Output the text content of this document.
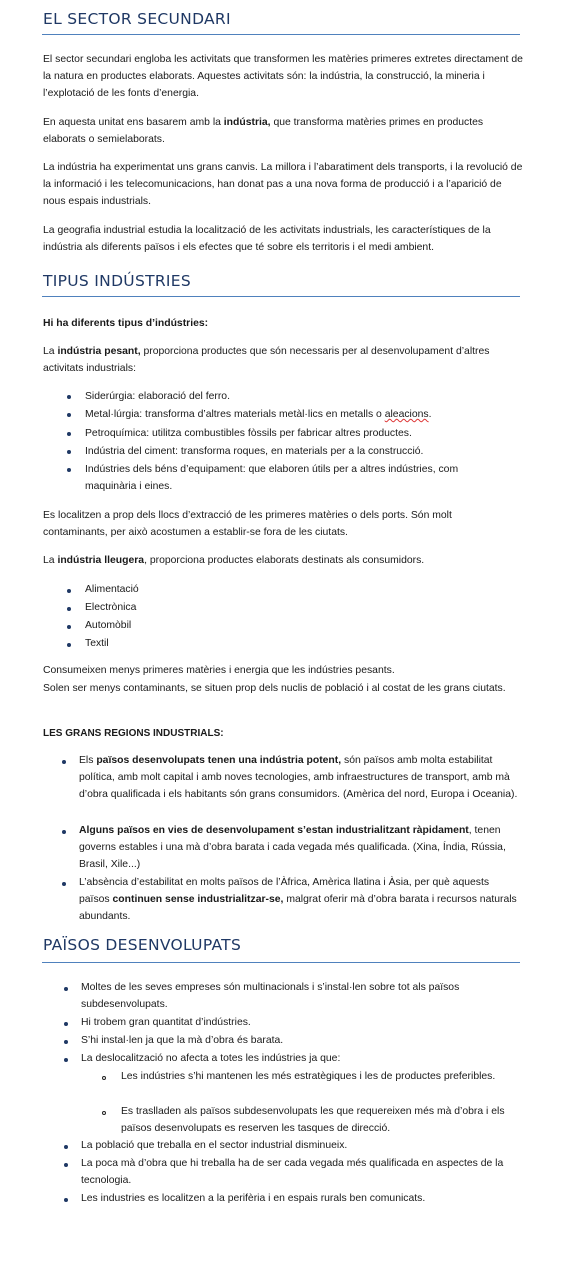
EL SECTOR SECUNDARI

El sector secundari engloba les activitats que transformen les matèries primeres extretes directament de la natura en productes elaborats. Aquestes activitats són: la indústria, la construcció, la mineria i l’explotació de les fonts d’energia.

En aquesta unitat ens basarem amb la indústria, que transforma matèries primes en productes elaborats o semielaborats.

La indústria ha experimentat uns grans canvis. La millora i l’abaratiment dels transports, i la revolució de la informació i les telecomunicacions, han donat pas a una nova forma de producció i a l’aparició de nous espais industrials.

La geografia industrial estudia la localització de les activitats industrials, les característiques de la indústria als diferents països i els efectes que té sobre els territoris i el medi ambient.

TIPUS INDÚSTRIES

Hi ha diferents tipus d’indústries:

La indústria pesant, proporciona productes que són necessaris per al desenvolupament d’altres activitats industrials:

Siderúrgia: elaboració del ferro.

Metal·lúrgia: transforma d’altres materials metàl·lics en metalls o aleacions.

Petroquímica: utilitza combustibles fòssils per fabricar altres productes.

Indústria del ciment: transforma roques, en materials per a la construcció.

Indústries dels béns d’equipament: que elaboren útils per a altres indústries, com maquinària i eines.

Es localitzen a prop dels llocs d’extracció de les primeres matèries o dels ports. Són molt contaminants, per això acostumen a establir-se fora de les ciutats.

La indústria lleugera, proporciona productes elaborats destinats als consumidors.

Alimentació

Electrònica

Automòbil

Textil

Consumeixen menys primeres matèries i energia que les indústries pesants.

Solen ser menys contaminants, se situen prop dels nuclis de població i al costat de les grans ciutats.

LES GRANS REGIONS INDUSTRIALS:

Els països desenvolupats tenen una indústria potent, són països amb molta estabilitat política, amb molt capital i amb noves tecnologies, amb infraestructures de transport, amb mà d’obra qualificada i els habitants són grans consumidors. (Amèrica del nord, Europa i Oceania).

Alguns països en vies de desenvolupament s’estan industrialitzant ràpidament, tenen governs estables i una mà d’obra barata i cada vegada més qualificada. (Xina, Índia, Rússia, Brasil, Xile...)

L’absència d’estabilitat en molts països de l’Àfrica, Amèrica llatina i Àsia, per què aquests països continuen sense industrialitzar-se, malgrat oferir mà d’obra barata i recursos naturals abundants.

PAÏSOS DESENVOLUPATS

Moltes de les seves empreses són multinacionals i s’instal·len sobre tot als països subdesenvolupats.

Hi trobem gran quantitat d’indústries.

S’hi instal·len ja que la mà d’obra és barata.

La deslocalització no afecta a totes les indústries ja que:

Les indústries s’hi mantenen les més estratègiques i les de productes preferibles.

Es traslladen als països subdesenvolupats les que requereixen més mà d’obra i els països desenvolupats es reserven les tasques de direcció.

La població que treballa en el sector industrial disminueix.

La poca mà d’obra que hi treballa ha de ser cada vegada més qualificada en aspectes de la tecnologia.

Les industries es localitzen a la perifèria i en espais rurals ben comunicats.
